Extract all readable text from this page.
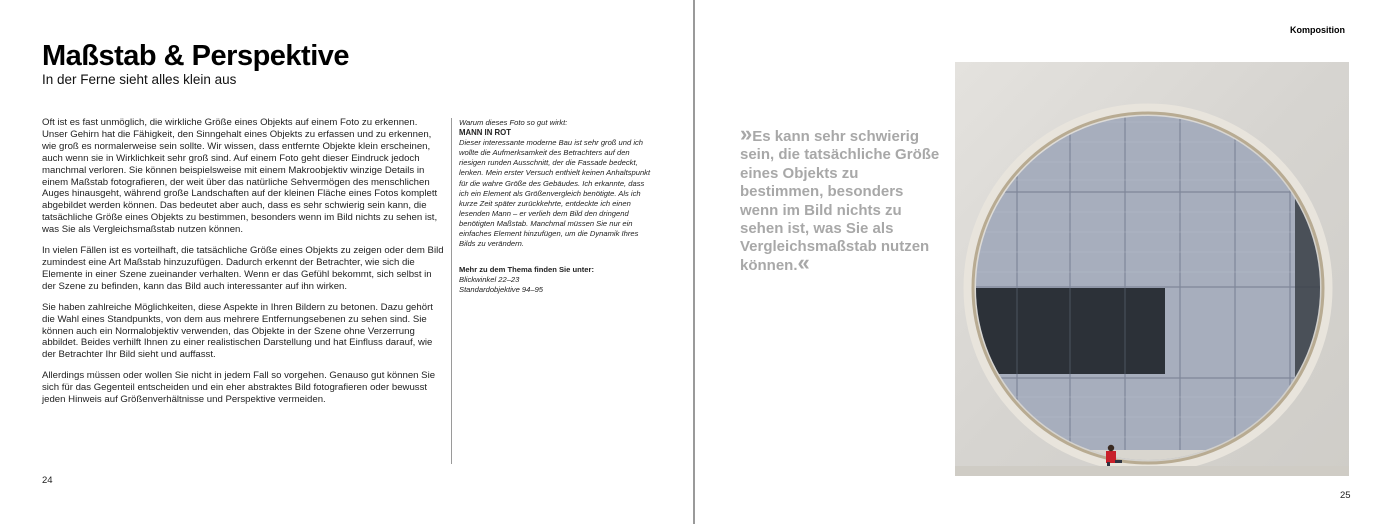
Maßstab & Perspektive
In der Ferne sieht alles klein aus

Oft ist es fast unmöglich, die wirkliche Größe eines Objekts auf einem Foto zu erkennen. Unser Gehirn hat die Fähigkeit, den Sinngehalt eines Objekts zu erfassen und zu erkennen, wie groß es normalerweise sein sollte. Wir wissen, dass entfernte Objekte klein erscheinen, auch wenn sie in Wirklichkeit sehr groß sind. Auf einem Foto geht dieser Eindruck jedoch manchmal verloren. Sie können beispielsweise mit einem Makroobjektiv winzige Details in einem Maßstab fotografieren, der weit über das natürliche Sehvermögen des menschlichen Auges hinausgeht, während große Landschaften auf der kleinen Fläche eines Fotos komplett abgebildet werden können. Das bedeutet aber auch, dass es sehr schwierig sein kann, die tatsächliche Größe eines Objekts zu bestimmen, besonders wenn im Bild nichts zu sehen ist, was Sie als Vergleichsmaßstab nutzen können.

In vielen Fällen ist es vorteilhaft, die tatsächliche Größe eines Objekts zu zeigen oder dem Bild zumindest eine Art Maßstab hinzuzufügen. Dadurch erkennt der Betrachter, wie sich die Elemente in einer Szene zueinander verhalten. Wenn er das Gefühl bekommt, sich selbst in der Szene zu befinden, kann das Bild auch interessanter auf ihn wirken.

Sie haben zahlreiche Möglichkeiten, diese Aspekte in Ihren Bildern zu betonen. Dazu gehört die Wahl eines Standpunkts, von dem aus mehrere Entfernungsebenen zu sehen sind. Sie können auch ein Normalobjektiv verwenden, das Objekte in der Szene ohne Verzerrung abbildet. Beides verhilft Ihnen zu einer realistischen Darstellung und hat Einfluss darauf, wie der Betrachter Ihr Bild sieht und auffasst.

Allerdings müssen oder wollen Sie nicht in jedem Fall so vorgehen. Genauso gut können Sie sich für das Gegenteil entscheiden und ein eher abstraktes Bild fotografieren oder bewusst jeden Hinweis auf Größenverhältnisse und Perspektive vermeiden.

Warum dieses Foto so gut wirkt:

MANN IN ROT

Dieser interessante moderne Bau ist sehr groß und ich wollte die Aufmerksamkeit des Betrachters auf den riesigen runden Ausschnitt, der die Fassade bedeckt, lenken. Mein erster Versuch enthielt keinen Anhaltspunkt für die wahre Größe des Gebäudes. Ich erkannte, dass ich ein Element als Größenvergleich benötigte. Als ich kurze Zeit später zurückkehrte, entdeckte ich einen lesenden Mann – er verlieh dem Bild den dringend benötigten Maßstab. Manchmal müssen Sie nur ein einfaches Element hinzufügen, um die Dynamik Ihres Bilds zu verändern.

Mehr zu dem Thema finden Sie unter:

Blickwinkel 22–23

Standardobjektive 94–95

24
Komposition
»Es kann sehr schwierig sein, die tatsächliche Größe eines Objekts zu bestimmen, besonders wenn im Bild nichts zu sehen ist, was Sie als Vergleichsmaßstab nutzen können.«
25
